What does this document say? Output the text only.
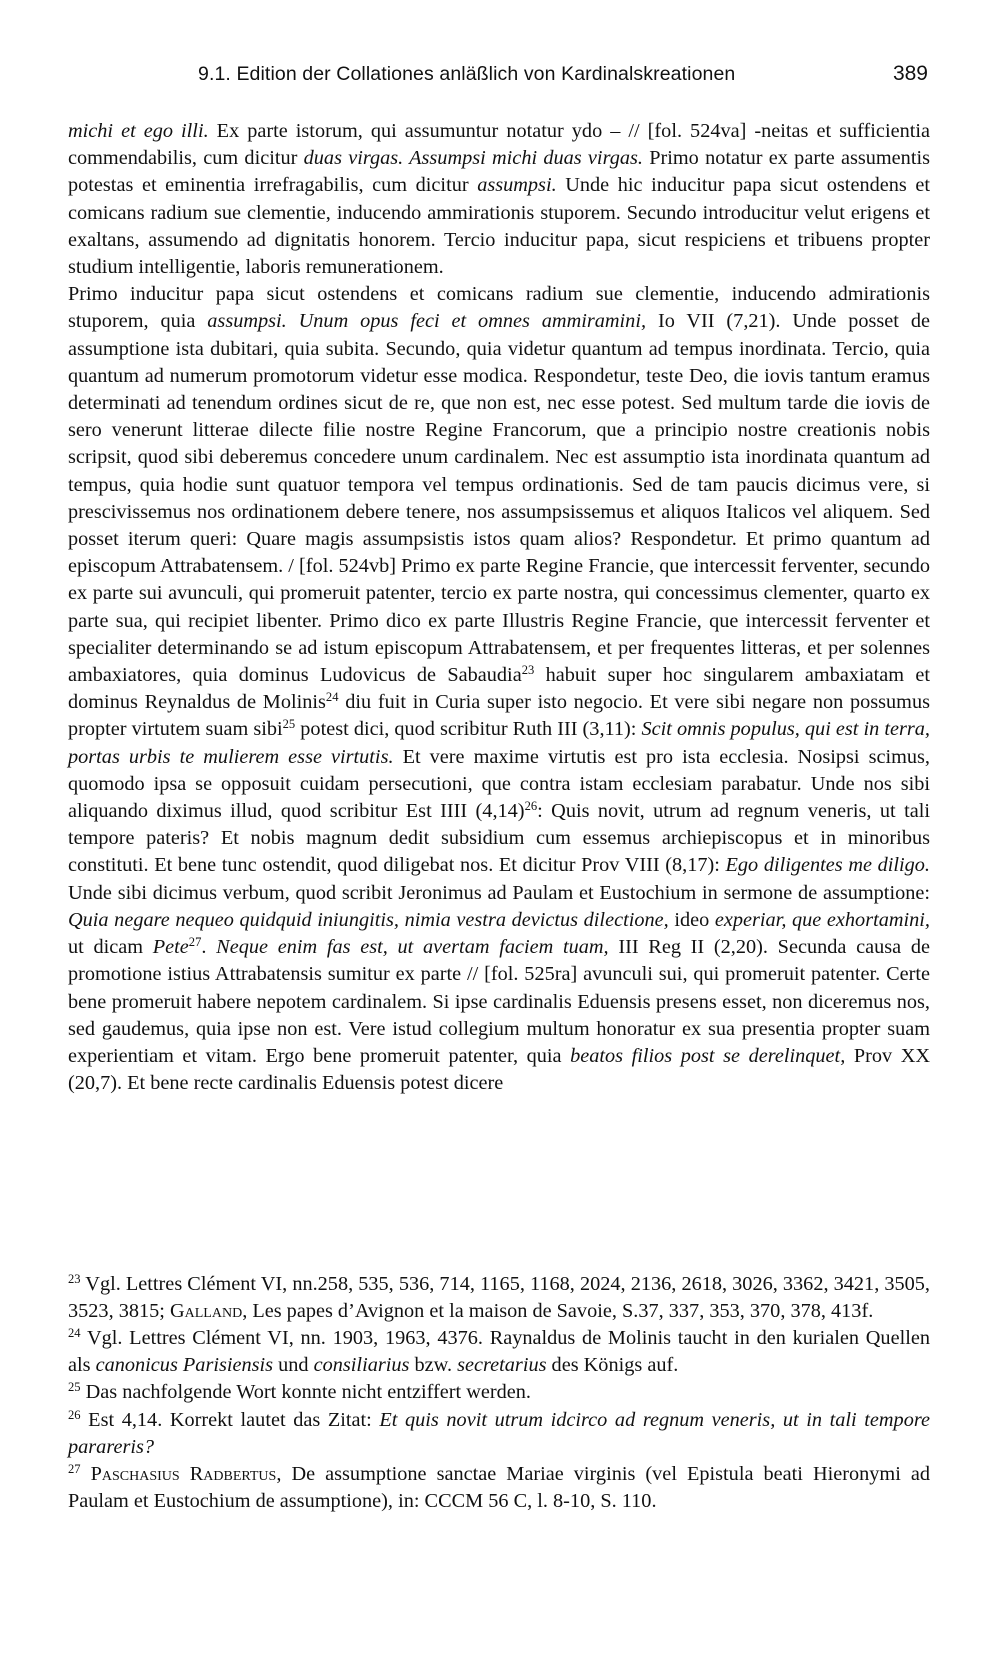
9.1. Edition der Collationes anläßlich von Kardinalskreationen	389

michi et ego illi. Ex parte istorum, qui assumuntur notatur ydo – // [fol. 524va] -neitas et sufficientia commendabilis, cum dicitur duas virgas. Assumpsi michi duas virgas. Primo notatur ex parte assumentis potestas et eminentia irrefragabilis, cum dicitur assumpsi. Unde hic inducitur papa sicut ostendens et comicans radium sue clementie, inducendo ammirationis stuporem. Secundo introducitur velut erigens et exaltans, assumendo ad dignitatis honorem. Tercio inducitur papa, sicut respiciens et tribuens propter studium intelligentie, laboris remunerationem.

Primo inducitur papa sicut ostendens et comicans radium sue clementie, inducendo admirationis stuporem, quia assumpsi. Unum opus feci et omnes ammiramini, Io VII (7,21). Unde posset de assumptione ista dubitari, quia subita. Secundo, quia videtur quantum ad tempus inordinata. Tercio, quia quantum ad numerum promotorum videtur esse modica. Respondetur, teste Deo, die iovis tantum eramus determinati ad tenendum ordines sicut de re, que non est, nec esse potest. Sed multum tarde die iovis de sero venerunt litterae dilecte filie nostre Regine Francorum, que a principio nostre creationis nobis scripsit, quod sibi deberemus concedere unum cardinalem. Nec est assumptio ista inordinata quantum ad tempus, quia hodie sunt quatuor tempora vel tempus ordinationis. Sed de tam paucis dicimus vere, si prescivissemus nos ordinationem debere tenere, nos assumpsissemus et aliquos Italicos vel aliquem. Sed posset iterum queri: Quare magis assumpsistis istos quam alios? Respondetur. Et primo quantum ad episcopum Attrabatensem. / [fol. 524vb] Primo ex parte Regine Francie, que intercessit ferventer, secundo ex parte sui avunculi, qui promeruit patenter, tercio ex parte nostra, qui concessimus clementer, quarto ex parte sua, qui recipiet libenter. Primo dico ex parte Illustris Regine Francie, que intercessit ferventer et specialiter determinando se ad istum episcopum Attrabatensem, et per frequentes litteras, et per solennes ambaxiatores, quia dominus Ludovicus de Sabaudia$^{23}$ habuit super hoc singularem ambaxiatam et dominus Reynaldus de Molinis$^{24}$ diu fuit in Curia super isto negocio. Et vere sibi negare non possumus propter virtutem suam sibi$^{25}$ potest dici, quod scribitur Ruth III (3,11): Scit omnis populus, qui est in terra, portas urbis te mulierem esse virtutis. Et vere maxime virtutis est pro ista ecclesia. Nosipsi scimus, quomodo ipsa se opposuit cuidam persecutioni, que contra istam ecclesiam parabatur. Unde nos sibi aliquando diximus illud, quod scribitur Est IIII $(4,14)^{26}$: Quis novit, utrum ad regnum veneris, ut tali tempore pateris? Et nobis magnum dedit subsidium cum essemus archiepiscopus et in minoribus constituti. Et bene tunc ostendit, quod diligebat nos. Et dicitur Prov VIII (8,17): Ego diligentes me diligo. Unde sibi dicimus verbum, quod scribit Jeronimus ad Paulam et Eustochium in sermone de assumptione: Quia negare nequeo quidquid iniungitis, nimia vestra devictus dilectione, ideo experiar, que exhortamini, ut dicam Pete$^{27}$. Neque enim fas est, ut avertam faciem tuam, III Reg II (2,20). Secunda causa de promotione istius Attrabatensis sumitur ex parte // [fol. 525ra] avunculi sui, qui promeruit patenter. Certe bene promeruit habere nepotem cardinalem. Si ipse cardinalis Eduensis presens esset, non diceremus nos, sed gaudemus, quia ipse non est. Vere istud collegium multum honoratur ex sua presentia propter suam experientiam et vitam. Ergo bene promeruit patenter, quia beatos filios post se derelinquet, Prov XX (20,7). Et bene recte cardinalis Eduensis potest dicere

$^{23}$ Vgl. Lettres Clément VI, nn.258, 535, 536, 714, 1165, 1168, 2024, 2136, 2618, 3026, 3362, 3421, 3505, 3523, 3815; Galland, Les papes d’Avignon et la maison de Savoie, S.37, 337, 353, 370, 378, 413f.

$^{24}$ Vgl. Lettres Clément VI, nn. 1903, 1963, 4376. Raynaldus de Molinis taucht in den kurialen Quellen als canonicus Parisiensis und consiliarius bzw. secretarius des Königs auf.

$^{25}$ Das nachfolgende Wort konnte nicht entziffert werden.

$^{26}$ Est 4,14. Korrekt lautet das Zitat: Et quis novit utrum idcirco ad regnum veneris, ut in tali tempore parareris?

$^{27}$ Paschasius Radbertus, De assumptione sanctae Mariae virginis (vel Epistula beati Hieronymi ad Paulam et Eustochium de assumptione), in: CCCM 56 C, l. 8-10, S. 110.
